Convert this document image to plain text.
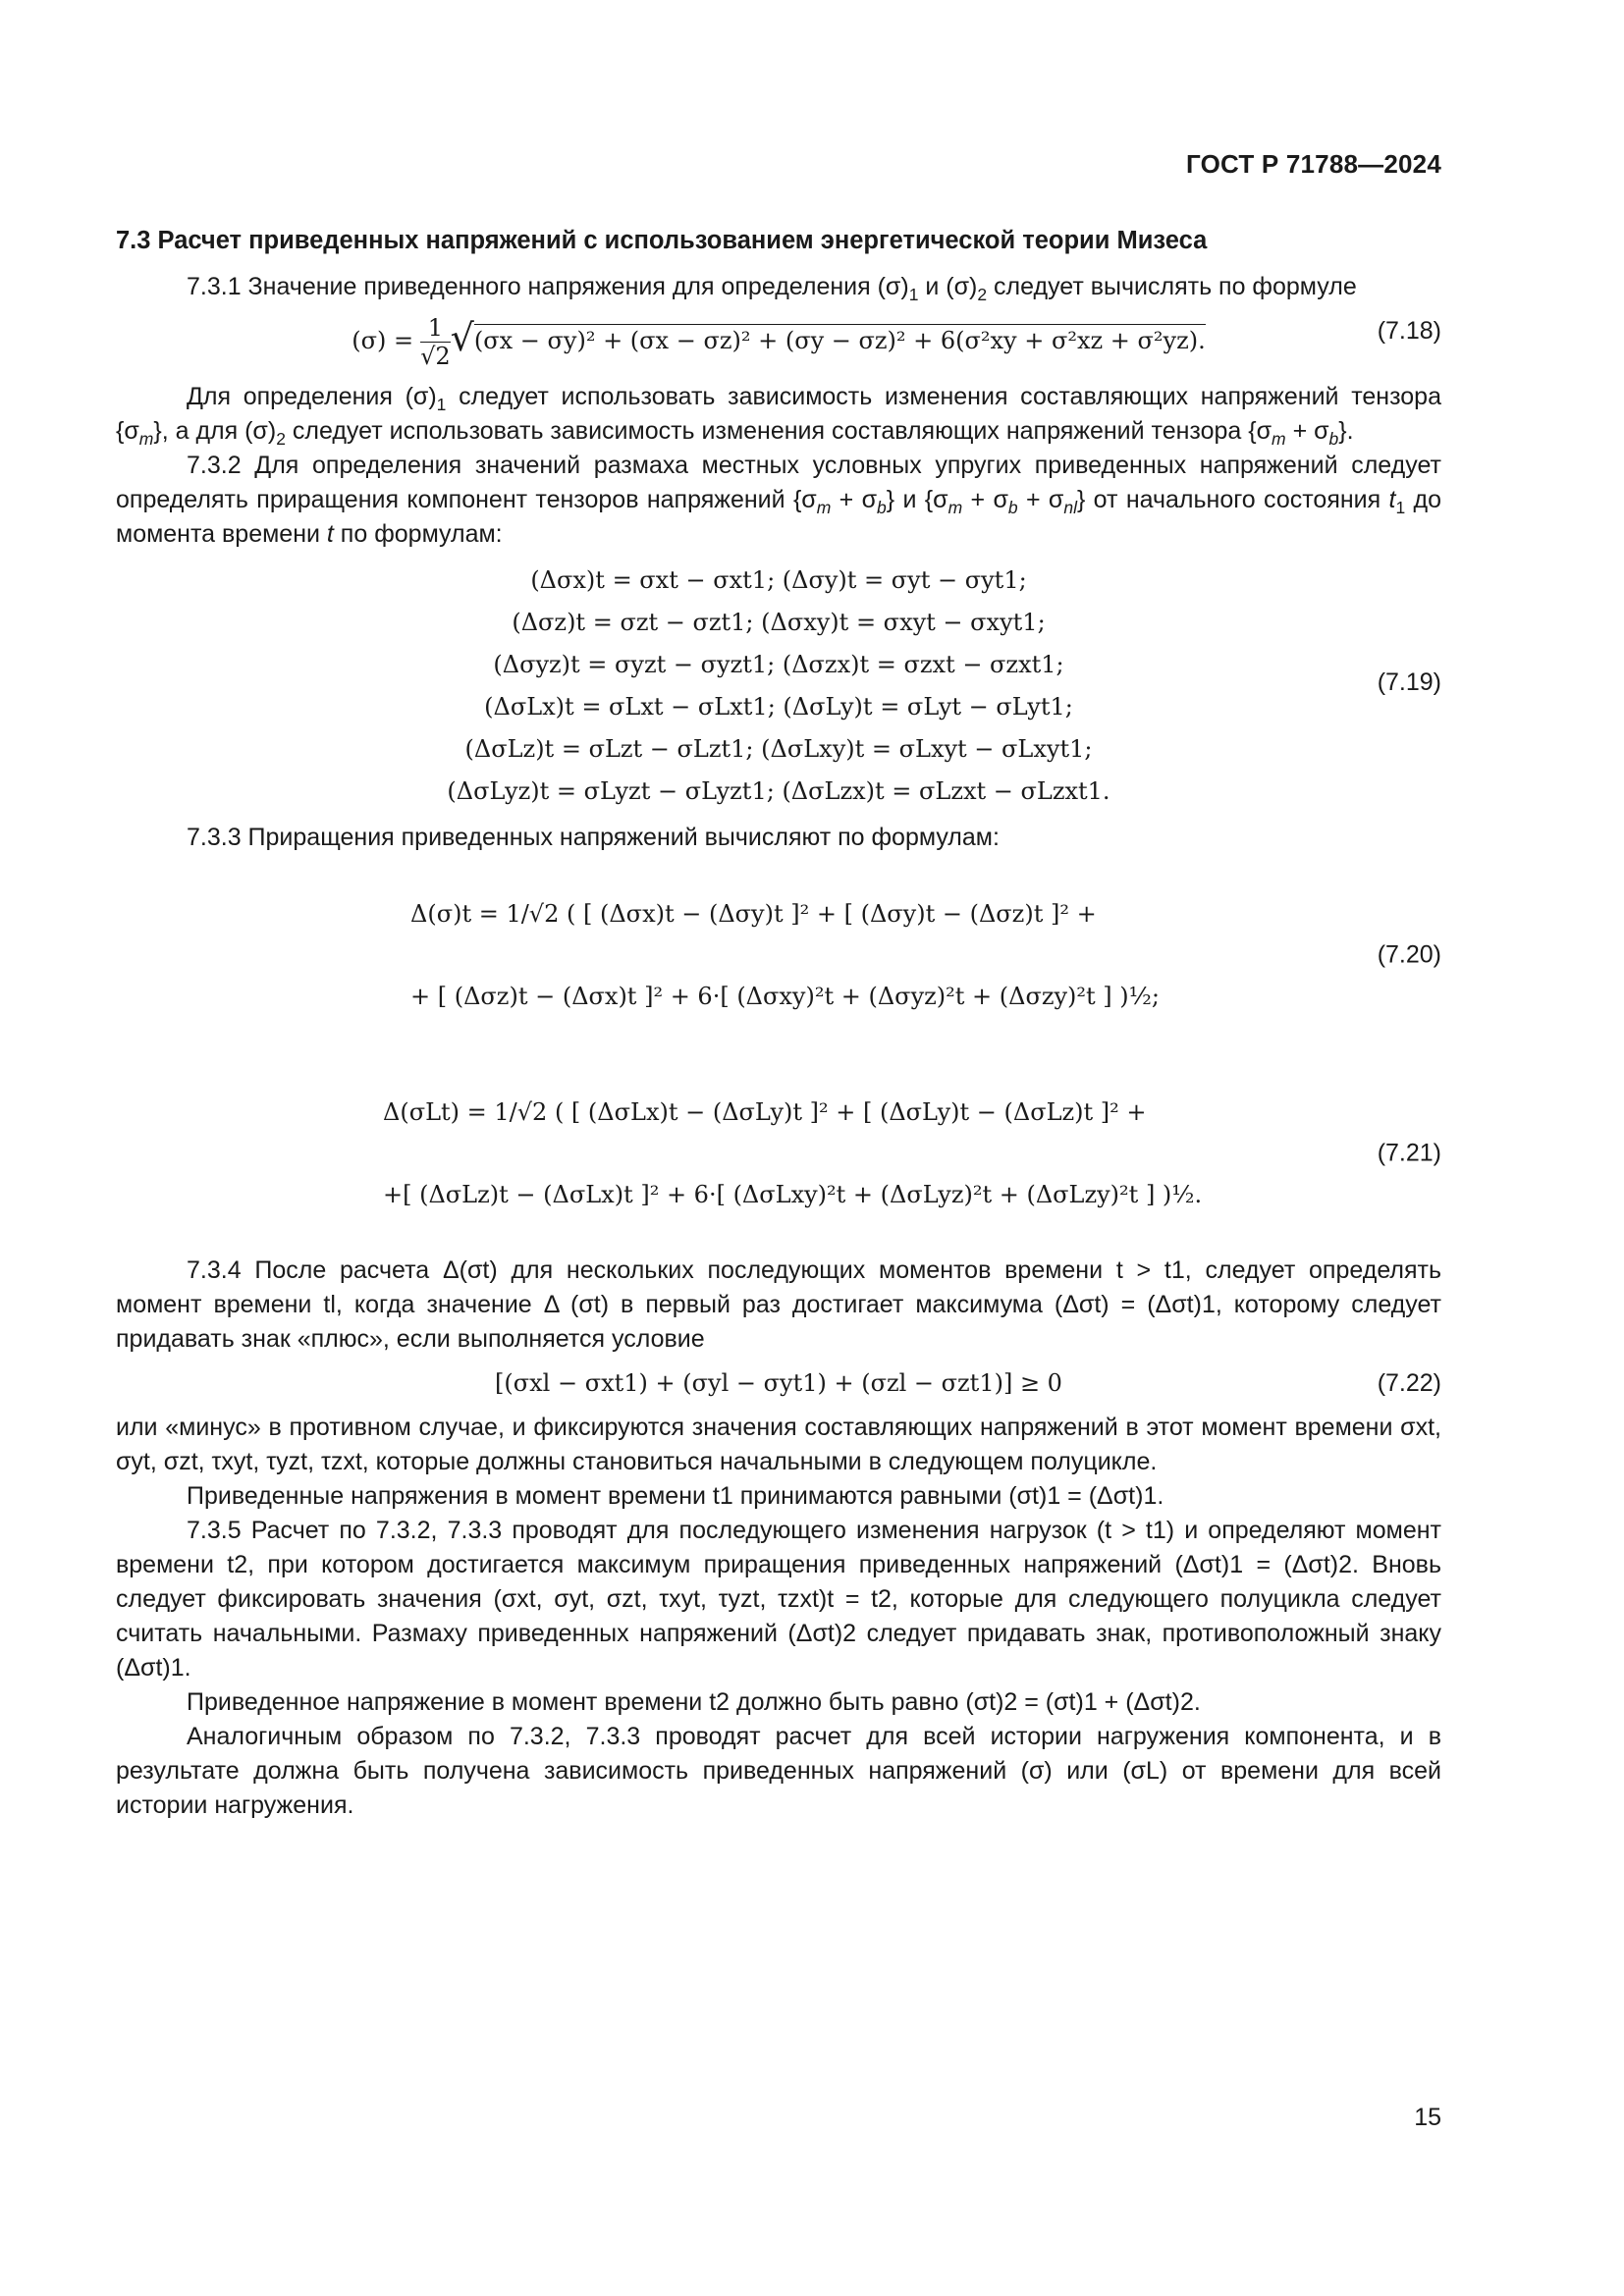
ГОСТ Р 71788—2024

7.3 Расчет приведенных напряжений с использованием энергетической теории Мизеса

7.3.1 Значение приведенного напряжения для определения $(\sigma)_1$ и $(\sigma)_2$ следует вычислять по формуле

$(\sigma) = \frac{1}{√2} √(\sigma x - \sigma y)^2 + (\sigma x - \sigma z)^2 + (\sigma y - \sigma z)^2 + 6(\sigma^2xy + \sigma^2xz + \sigma^2yz)$.	(7.18)

Для определения $(\sigma)_1$ следует использовать зависимость изменения составляющих напряжений тензора $\{\sigma_m\}$, а для $(\sigma)_2$ следует использовать зависимость изменения составляющих напряжений тензора $\{\sigma_m + \sigma_b\}$.

7.3.2 Для определения значений размаха местных условных упругих приведенных напряжений следует определять приращения компонент тензоров напряжений $\{\sigma_m + \sigma_b\}$ и $\{\sigma_m + \sigma_b + \sigma_{nl}\}$ от начального состояния $t_1$ до момента времени t по формулам:

(Δσx)t = σxt − σxt1; (Δσy)t = σyt − σyt1;
(Δσz)t = σzt − σzt1; (Δσxy)t = σxyt − σxyt1;
(Δσyz)t = σyzt − σyzt1; (Δσzx)t = σzxt − σzxt1;
(ΔσLx)t = σLxt − σLxt1; (ΔσLy)t = σLyt − σLyt1;
(ΔσLz)t = σLzt − σLzt1; (ΔσLxy)t = σLxyt − σLxyt1;
(ΔσLyz)t = σLyzt − σLyzt1; (ΔσLzx)t = σLzxt − σLzxt1.
(7.19)

7.3.3 Приращения приведенных напряжений вычисляют по формулам:

Δ(σ)t = 1/√2 ( [ (Δσx)t − (Δσy)t ]² + [ (Δσy)t − (Δσz)t ]² +
+ [ (Δσz)t − (Δσx)t ]² + 6·[ (Δσxy)²t + (Δσyz)²t + (Δσzy)²t ] )½;
(7.20)
Δ(σLt) = 1/√2 ( [ (ΔσLx)t − (ΔσLy)t ]² + [ (ΔσLy)t − (ΔσLz)t ]² +
+[ (ΔσLz)t − (ΔσLx)t ]² + 6·[ (ΔσLxy)²t + (ΔσLyz)²t + (ΔσLzy)²t ] )½.
(7.21)

7.3.4 После расчета Δ(σt) для нескольких последующих моментов времени t > t1, следует определять момент времени tl, когда значение Δ (σt) в первый раз достигает максимума (Δσt) = (Δσt)1, которому следует придавать знак «плюс», если выполняется условие

[(σxl − σxt1) + (σyl − σyt1) + (σzl − σzt1)] ≥ 0	(7.22)

или «минус» в противном случае, и фиксируются значения составляющих напряжений в этот момент времени σxt, σyt, σzt, τxyt, τyzt, τzxt, которые должны становиться начальными в следующем полуцикле.

Приведенные напряжения в момент времени t1 принимаются равными (σt)1 = (Δσt)1.

7.3.5 Расчет по 7.3.2, 7.3.3 проводят для последующего изменения нагрузок (t > t1) и определяют момент времени t2, при котором достигается максимум приращения приведенных напряжений (Δσt)1 = (Δσt)2. Вновь следует фиксировать значения (σxt, σyt, σzt, τxyt, τyzt, τzxt)t = t2, которые для следующего полуцикла следует считать начальными. Размаху приведенных напряжений (Δσt)2 следует придавать знак, противоположный знаку (Δσt)1.

Приведенное напряжение в момент времени t2 должно быть равно (σt)2 = (σt)1 + (Δσt)2.

Аналогичным образом по 7.3.2, 7.3.3 проводят расчет для всей истории нагружения компонента, и в результате должна быть получена зависимость приведенных напряжений (σ) или (σL) от времени для всей истории нагружения.

15
